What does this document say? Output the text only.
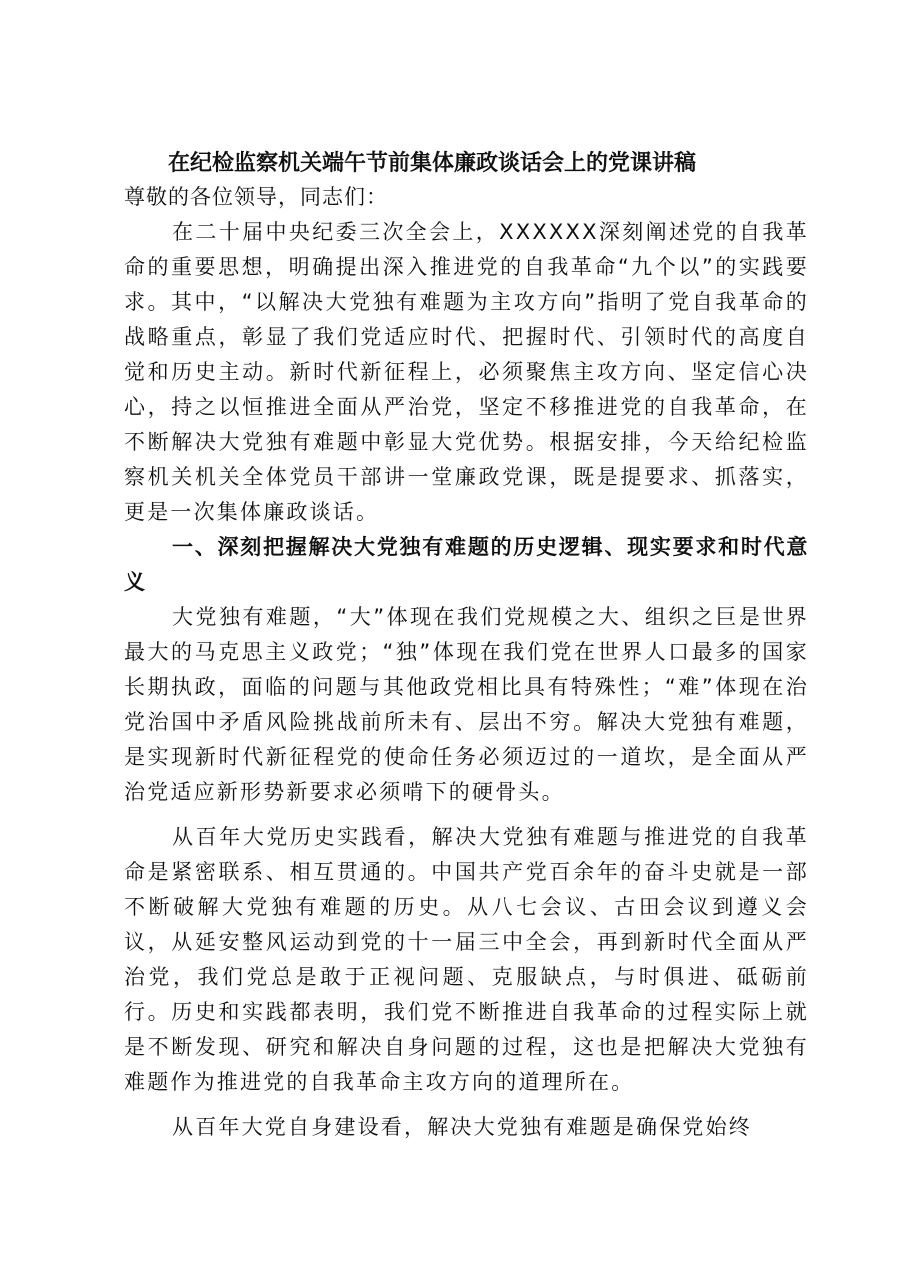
在纪检监察机关端午节前集体廉政谈话会上的党课讲稿

尊敬的各位领导，同志们：

在二十届中央纪委三次全会上，XXXXXX深刻阐述党的自我革命的重要思想，明确提出深入推进党的自我革命“九个以”的实践要求。其中，“以解决大党独有难题为主攻方向”指明了党自我革命的战略重点，彰显了我们党适应时代、把握时代、引领时代的高度自觉和历史主动。新时代新征程上，必须聚焦主攻方向、坚定信心决心，持之以恒推进全面从严治党，坚定不移推进党的自我革命，在不断解决大党独有难题中彰显大党优势。根据安排，今天给纪检监察机关机关全体党员干部讲一堂廉政党课，既是提要求、抓落实，更是一次集体廉政谈话。

一、深刻把握解决大党独有难题的历史逻辑、现实要求和时代意义

大党独有难题，“大”体现在我们党规模之大、组织之巨是世界最大的马克思主义政党；“独”体现在我们党在世界人口最多的国家长期执政，面临的问题与其他政党相比具有特殊性；“难”体现在治党治国中矛盾风险挑战前所未有、层出不穷。解决大党独有难题，是实现新时代新征程党的使命任务必须迈过的一道坎，是全面从严治党适应新形势新要求必须啃下的硬骨头。

从百年大党历史实践看，解决大党独有难题与推进党的自我革命是紧密联系、相互贯通的。中国共产党百余年的奋斗史就是一部不断破解大党独有难题的历史。从八七会议、古田会议到遵义会议，从延安整风运动到党的十一届三中全会，再到新时代全面从严治党，我们党总是敢于正视问题、克服缺点，与时俱进、砥砺前行。历史和实践都表明，我们党不断推进自我革命的过程实际上就是不断发现、研究和解决自身问题的过程，这也是把解决大党独有难题作为推进党的自我革命主攻方向的道理所在。

从百年大党自身建设看，解决大党独有难题是确保党始终
